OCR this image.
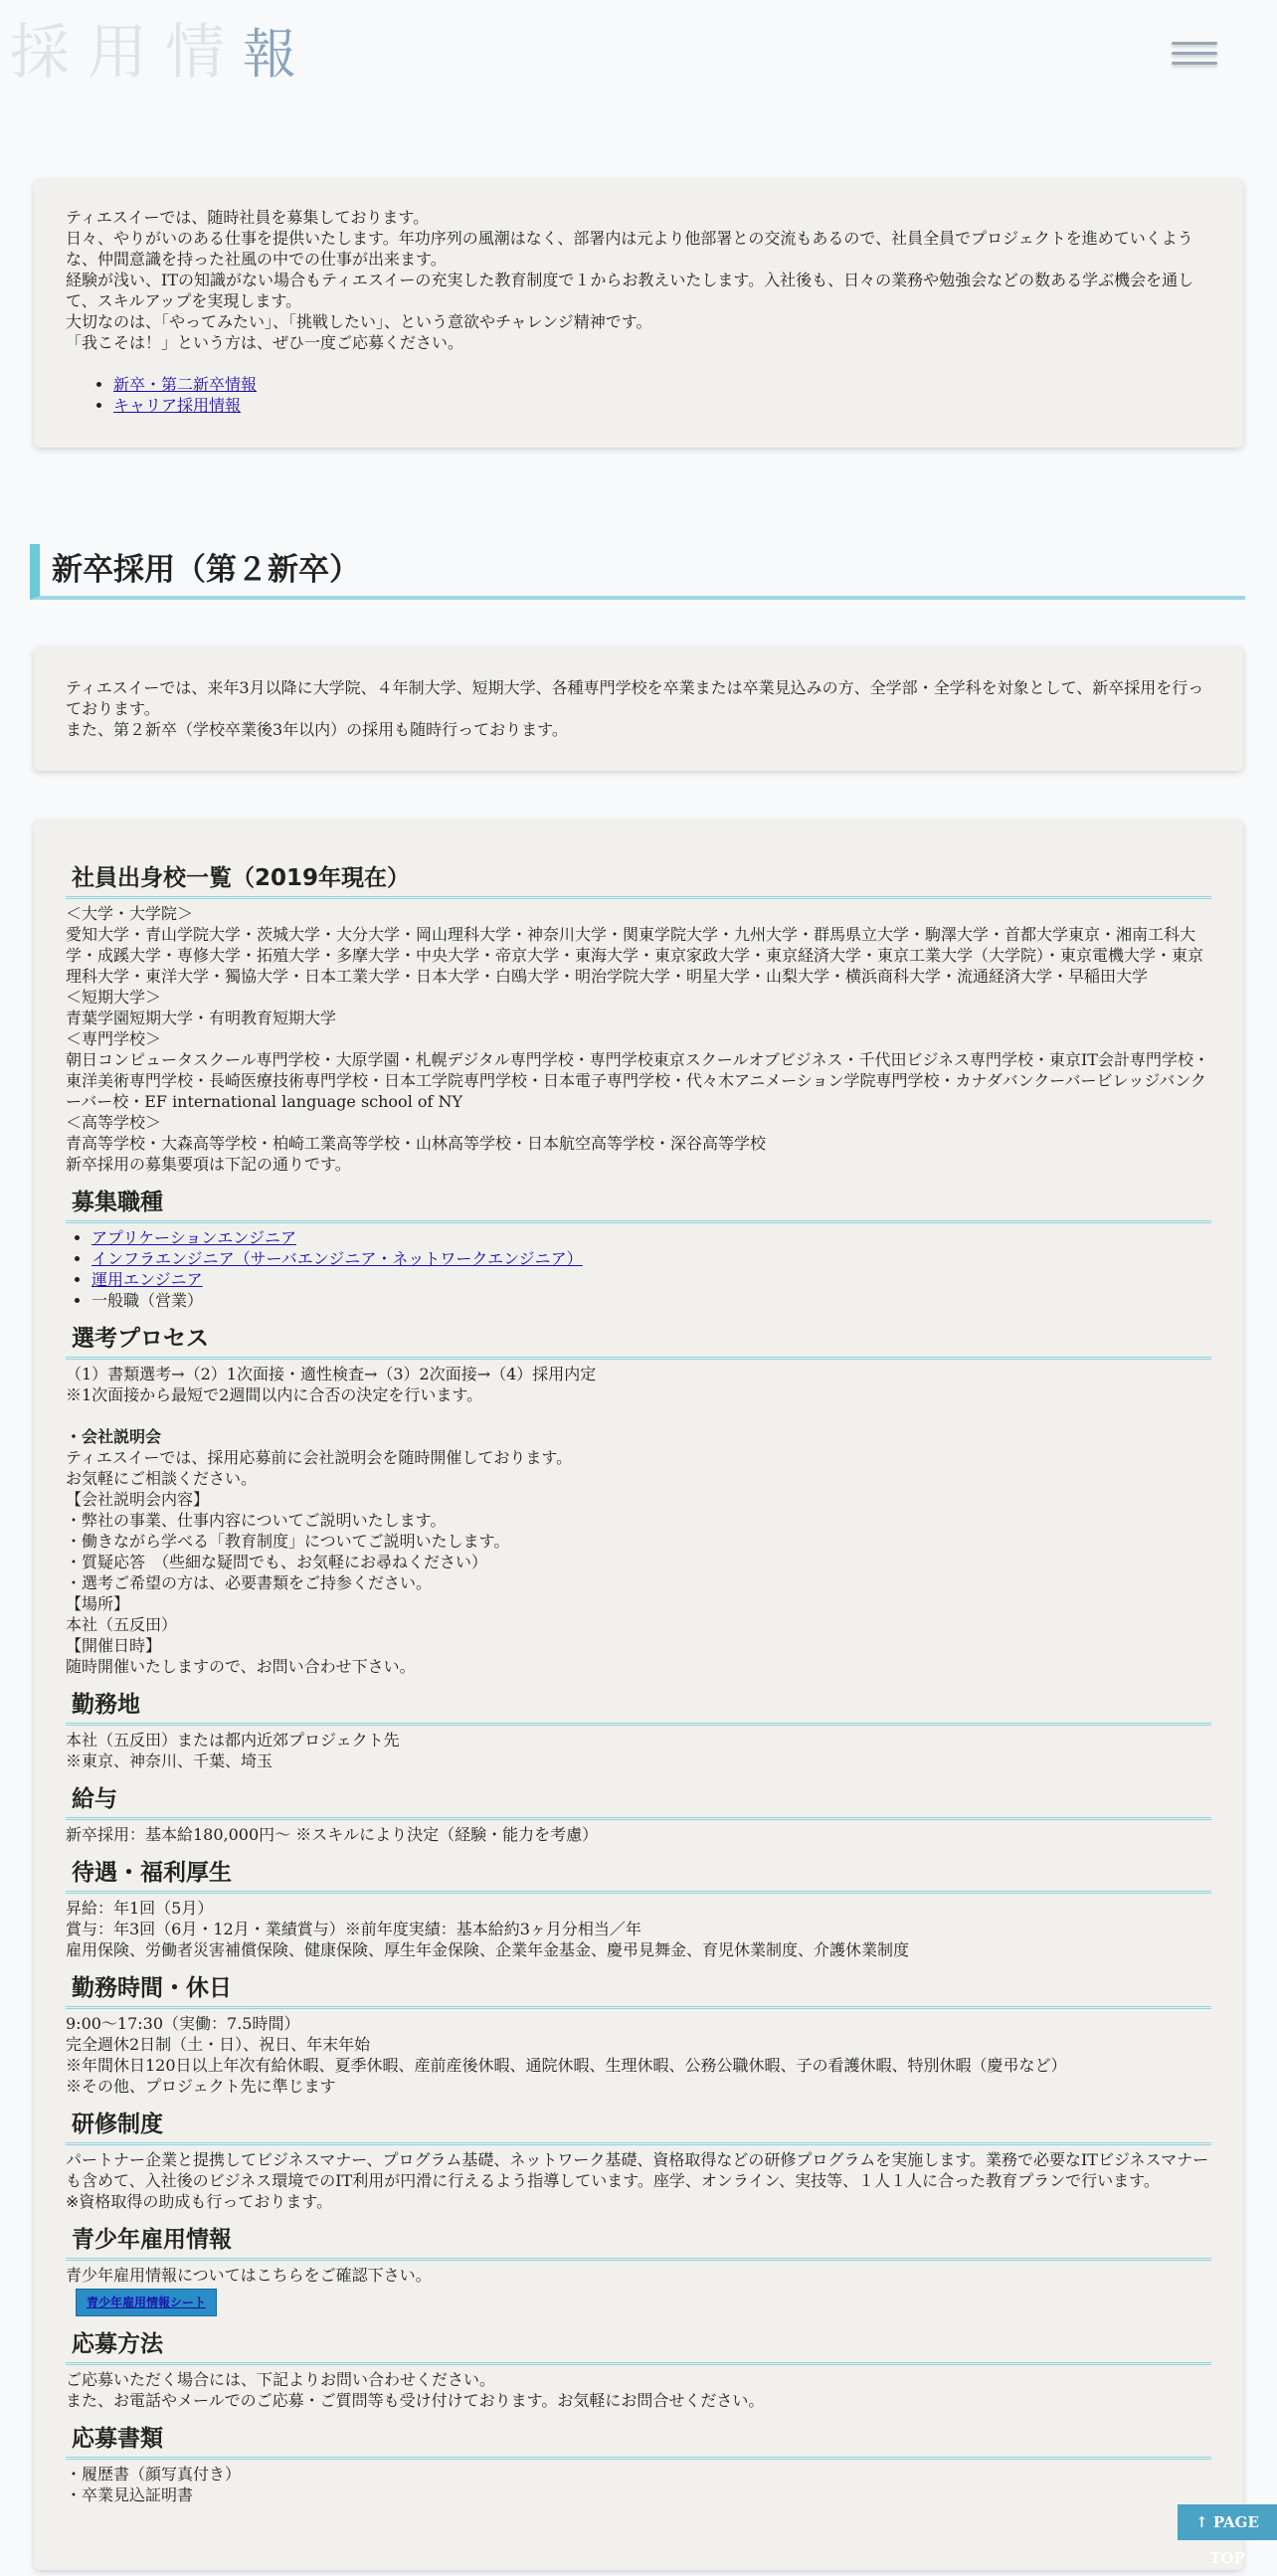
採用情報

ティエスイーでは、随時社員を募集しております。
日々、やりがいのある仕事を提供いたします。年功序列の風潮はなく、部署内は元より他部署との交流もあるので、社員全員でプロジェクトを進めていくよう
な、仲間意識を持った社風の中での仕事が出来ます。
経験が浅い、ITの知識がない場合もティエスイーの充実した教育制度で１からお教えいたします。入社後も、日々の業務や勉強会などの数ある学ぶ機会を通し
て、スキルアップを実現します。
大切なのは、「やってみたい」、「挑戦したい」、という意欲やチャレンジ精神です。
「我こそは！」という方は、ぜひ一度ご応募ください。

• 新卒・第二新卒情報
• キャリア採用情報
新卒採用（第２新卒）

ティエスイーでは、来年3月以降に大学院、４年制大学、短期大学、各種専門学校を卒業または卒業見込みの方、全学部・全学科を対象として、新卒採用を行っ
ております。
また、第２新卒（学校卒業後3年以内）の採用も随時行っております。

社員出身校一覧（2019年現在）

＜大学・大学院＞
愛知大学・青山学院大学・茨城大学・大分大学・岡山理科大学・神奈川大学・関東学院大学・九州大学・群馬県立大学・駒澤大学・首都大学東京・湘南工科大
学・成蹊大学・専修大学・拓殖大学・多摩大学・中央大学・帝京大学・東海大学・東京家政大学・東京経済大学・東京工業大学（大学院）・東京電機大学・東京
理科大学・東洋大学・獨協大学・日本工業大学・日本大学・白鴎大学・明治学院大学・明星大学・山梨大学・横浜商科大学・流通経済大学・早稲田大学
＜短期大学＞
青葉学園短期大学・有明教育短期大学
＜専門学校＞
朝日コンピュータスクール専門学校・大原学園・札幌デジタル専門学校・専門学校東京スクールオブビジネス・千代田ビジネス専門学校・東京IT会計専門学校・
東洋美術専門学校・長崎医療技術専門学校・日本工学院専門学校・日本電子専門学校・代々木アニメーション学院専門学校・カナダバンクーバービレッジバンク
ーバー校・EF international language school of NY
＜高等学校＞
青高等学校・大森高等学校・柏崎工業高等学校・山林高等学校・日本航空高等学校・深谷高等学校
新卒採用の募集要項は下記の通りです。

募集職種
• アプリケーションエンジニア
• インフラエンジニア（サーバエンジニア・ネットワークエンジニア）
• 運用エンジニア
• 一般職（営業）
選考プロセス

（1）書類選考→（2）1次面接・適性検査→（3）2次面接→（4）採用内定
※1次面接から最短で2週間以内に合否の決定を行います。

・会社説明会
ティエスイーでは、採用応募前に会社説明会を随時開催しております。
お気軽にご相談ください。
【会社説明会内容】
・弊社の事業、仕事内容についてご説明いたします。
・働きながら学べる「教育制度」についてご説明いたします。
・質疑応答　（些細な疑問でも、お気軽にお尋ねください）
・選考ご希望の方は、必要書類をご持参ください。
【場所】
本社（五反田）
【開催日時】
随時開催いたしますので、お問い合わせ下さい。

勤務地

本社（五反田）または都内近郊プロジェクト先
※東京、神奈川、千葉、埼玉

給与

新卒採用：基本給180,000円～ ※スキルにより決定（経験・能力を考慮）

待遇・福利厚生

昇給：年1回（5月）
賞与：年3回（6月・12月・業績賞与）※前年度実績：基本給約3ヶ月分相当／年
雇用保険、労働者災害補償保険、健康保険、厚生年金保険、企業年金基金、慶弔見舞金、育児休業制度、介護休業制度

勤務時間・休日

9:00〜17:30（実働：7.5時間）
完全週休2日制（土・日）、祝日、年末年始
※年間休日120日以上年次有給休暇、夏季休暇、産前産後休暇、通院休暇、生理休暇、公務公職休暇、子の看護休暇、特別休暇（慶弔など）
※その他、プロジェクト先に準じます

研修制度

パートナー企業と提携してビジネスマナー、プログラム基礎、ネットワーク基礎、資格取得などの研修プログラムを実施します。業務で必要なITビジネスマナー
も含めて、入社後のビジネス環境でのIT利用が円滑に行えるよう指導しています。座学、オンライン、実技等、１人１人に合った教育プランで行います。
※資格取得の助成も行っております。

青少年雇用情報

青少年雇用情報についてはこちらをご確認下さい。

青少年雇用情報シート
応募方法

ご応募いただく場合には、下記よりお問い合わせください。
また、お電話やメールでのご応募・ご質問等も受け付けております。お気軽にお問合せください。

応募書類

・履歴書（顔写真付き）
・卒業見込証明書

↑ PAGE TOP
